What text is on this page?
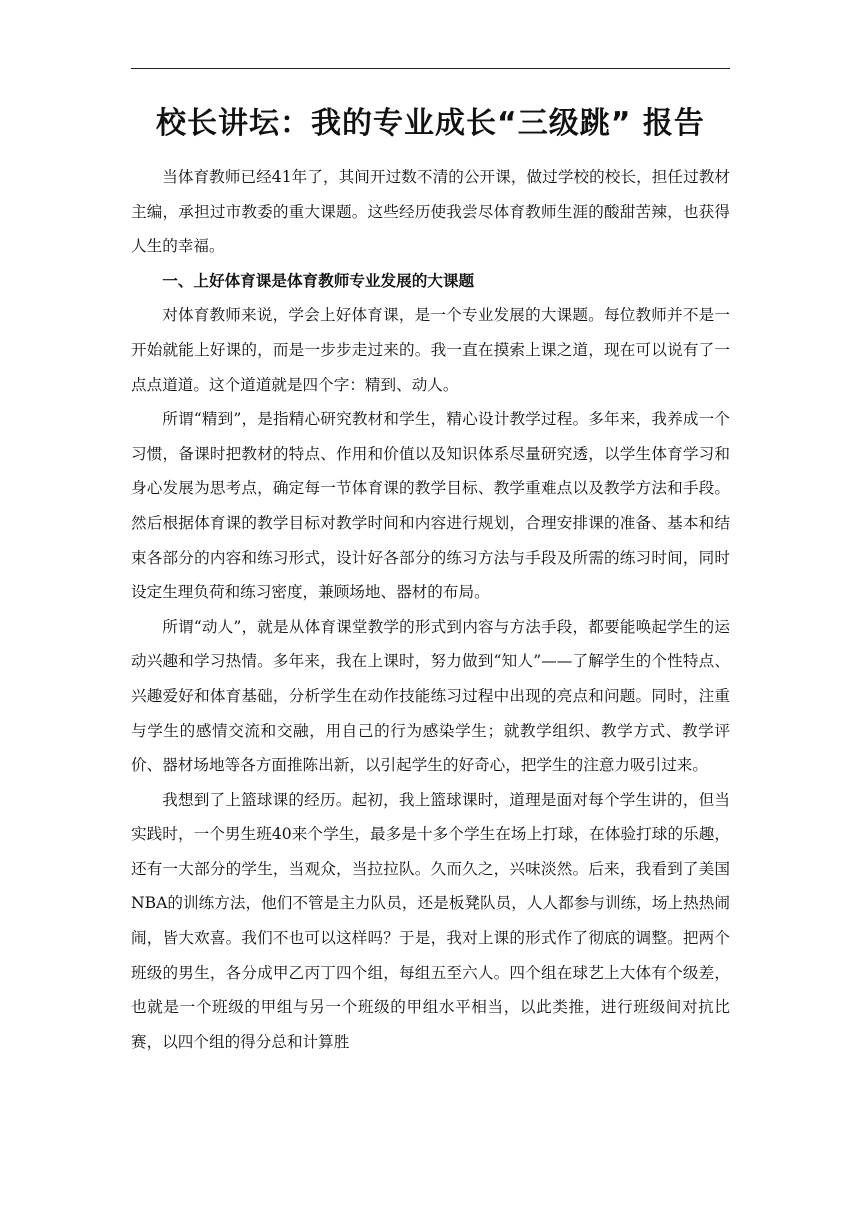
校长讲坛：我的专业成长“三级跳” 报告

当体育教师已经41年了，其间开过数不清的公开课，做过学校的校长，担任过教材主编，承担过市教委的重大课题。这些经历使我尝尽体育教师生涯的酸甜苦辣，也获得人生的幸福。

一、上好体育课是体育教师专业发展的大课题

对体育教师来说，学会上好体育课，是一个专业发展的大课题。每位教师并不是一开始就能上好课的，而是一步步走过来的。我一直在摸索上课之道，现在可以说有了一点点道道。这个道道就是四个字：精到、动人。

所谓“精到”，是指精心研究教材和学生，精心设计教学过程。多年来，我养成一个习惯，备课时把教材的特点、作用和价值以及知识体系尽量研究透，以学生体育学习和身心发展为思考点，确定每一节体育课的教学目标、教学重难点以及教学方法和手段。然后根据体育课的教学目标对教学时间和内容进行规划，合理安排课的准备、基本和结束各部分的内容和练习形式，设计好各部分的练习方法与手段及所需的练习时间，同时设定生理负荷和练习密度，兼顾场地、器材的布局。

所谓“动人”，就是从体育课堂教学的形式到内容与方法手段，都要能唤起学生的运动兴趣和学习热情。多年来，我在上课时，努力做到“知人”——了解学生的个性特点、兴趣爱好和体育基础，分析学生在动作技能练习过程中出现的亮点和问题。同时，注重与学生的感情交流和交融，用自己的行为感染学生；就教学组织、教学方式、教学评价、器材场地等各方面推陈出新，以引起学生的好奇心，把学生的注意力吸引过来。

我想到了上篮球课的经历。起初，我上篮球课时，道理是面对每个学生讲的，但当实践时，一个男生班40来个学生，最多是十多个学生在场上打球，在体验打球的乐趣，还有一大部分的学生，当观众，当拉拉队。久而久之，兴味淡然。后来，我看到了美国NBA的训练方法，他们不管是主力队员，还是板凳队员，人人都参与训练，场上热热闹闹，皆大欢喜。我们不也可以这样吗？于是，我对上课的形式作了彻底的调整。把两个班级的男生，各分成甲乙丙丁四个组，每组五至六人。四个组在球艺上大体有个级差，也就是一个班级的甲组与另一个班级的甲组水平相当，以此类推，进行班级间对抗比赛，以四个组的得分总和计算胜
